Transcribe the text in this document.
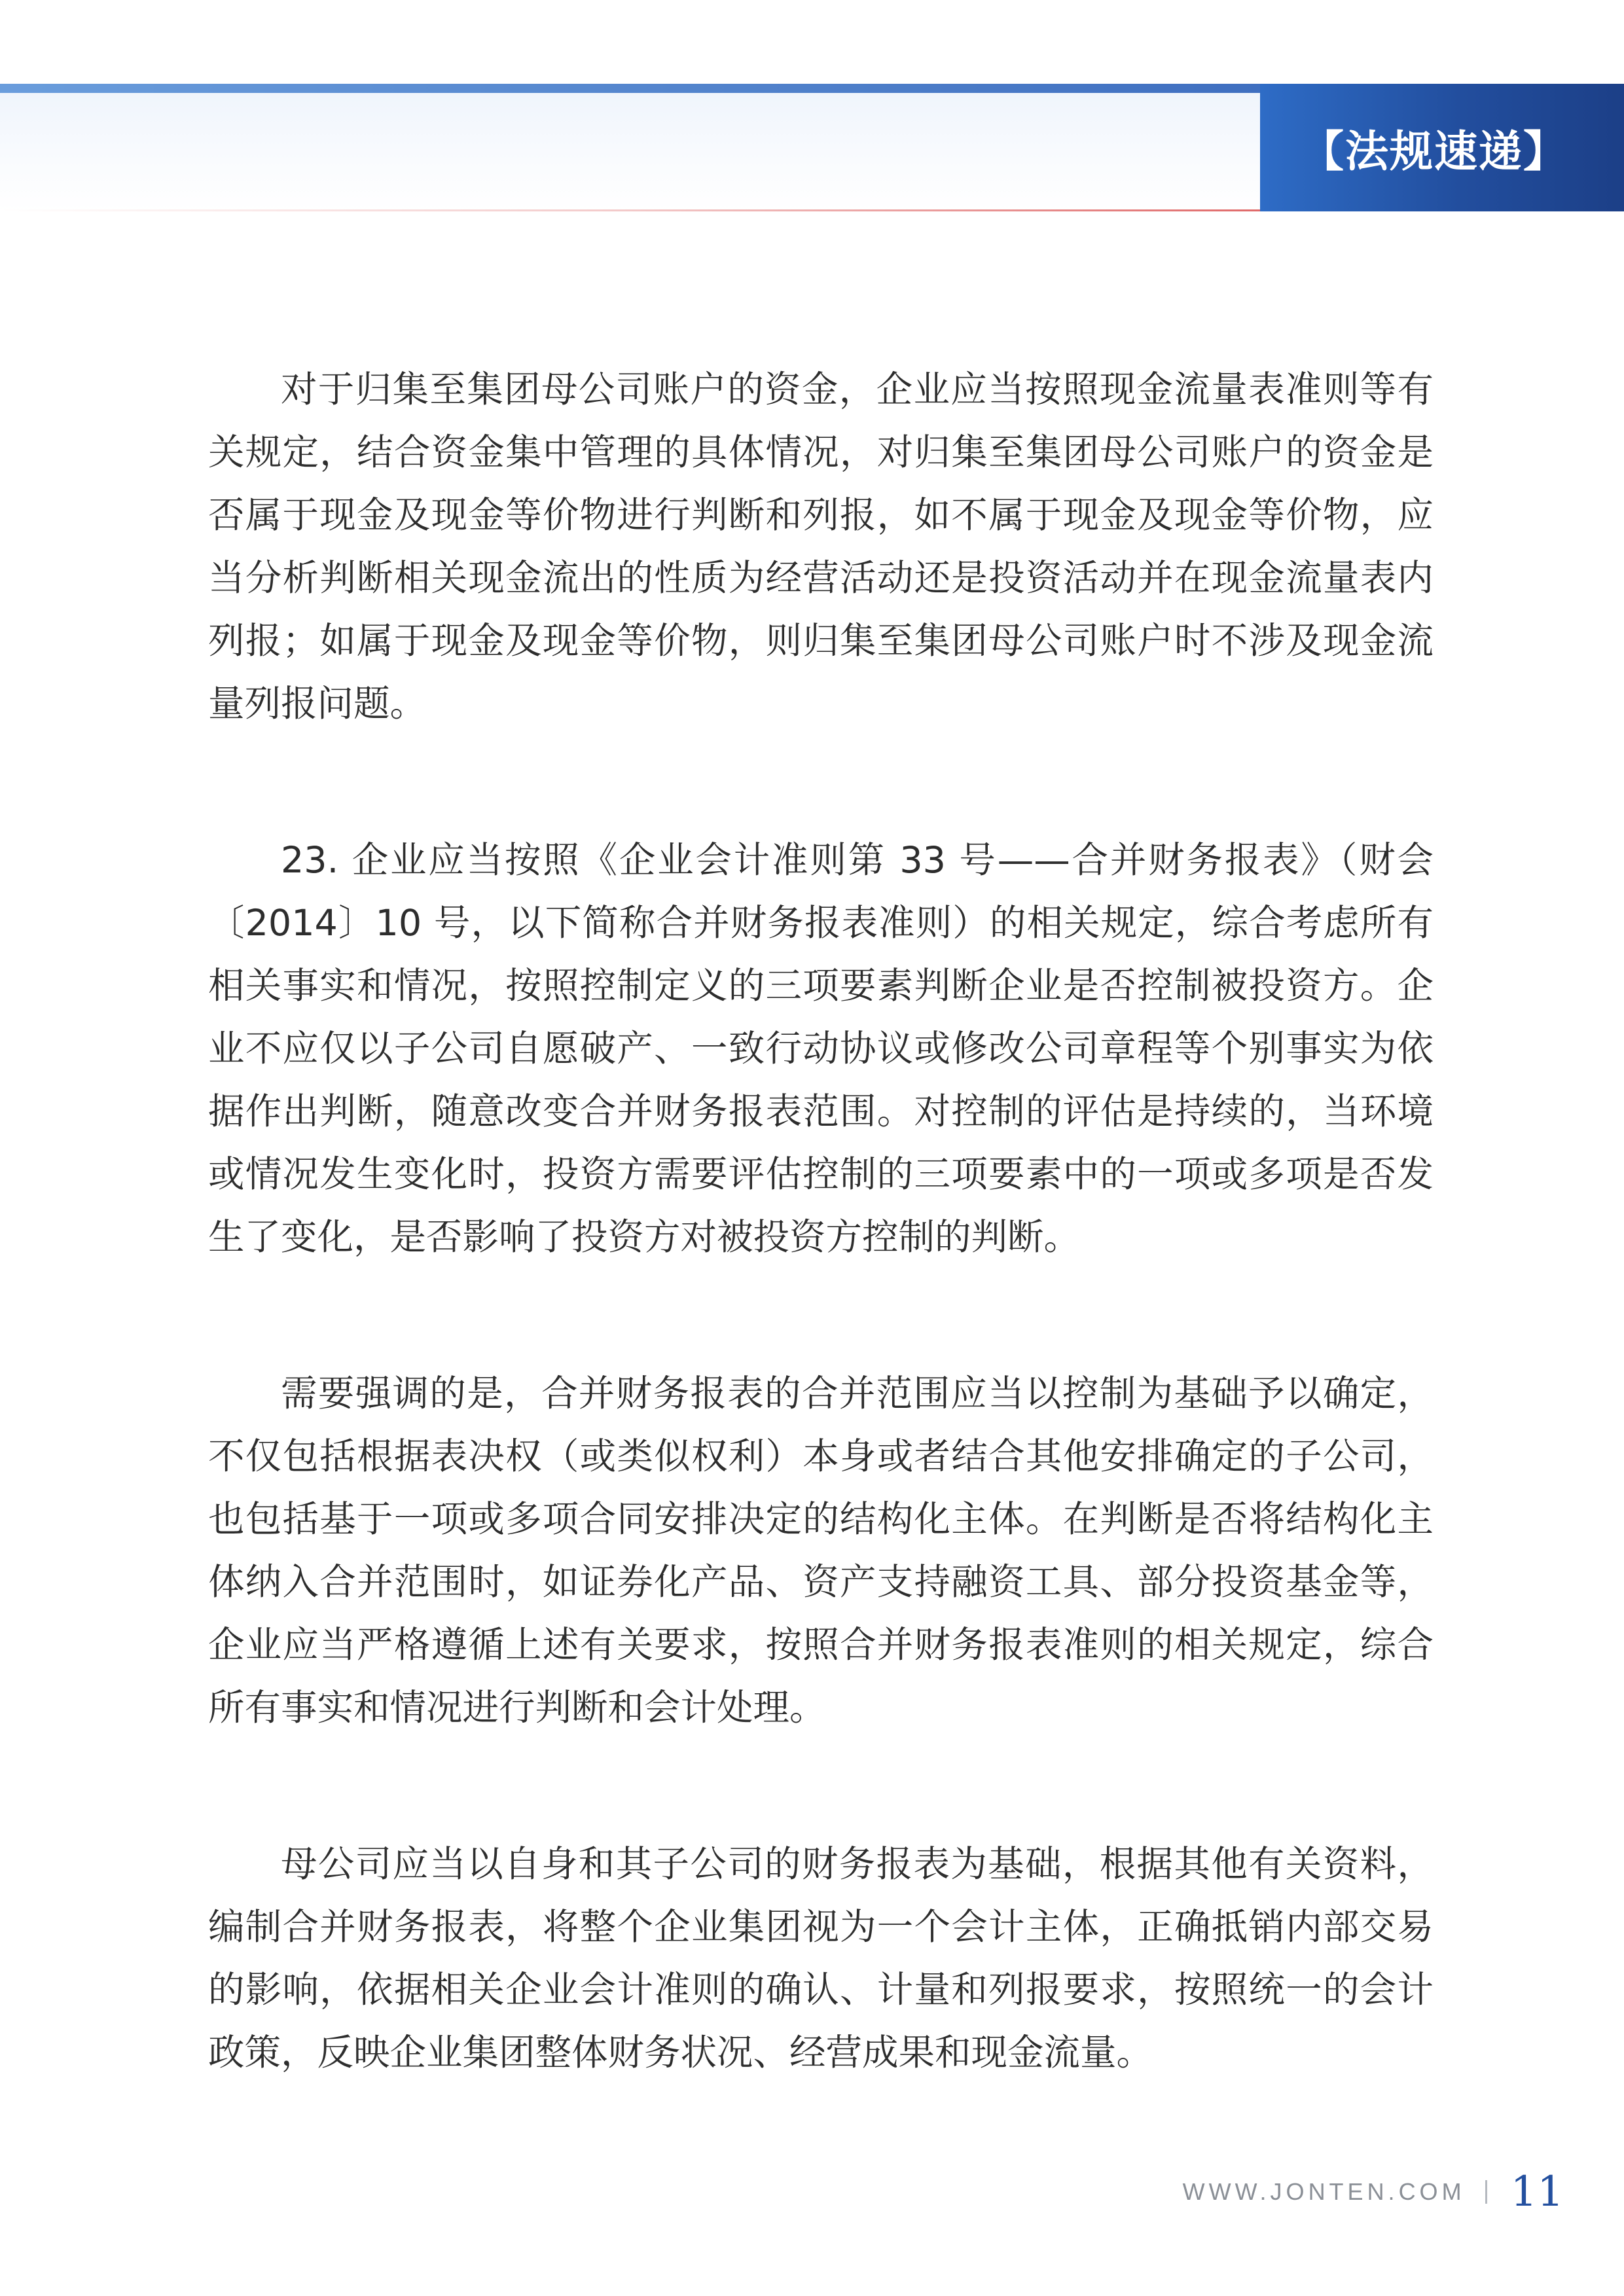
【法规速递】

对于归集至集团母公司账户的资金，企业应当按照现金流量表准则等有关规定，结合资金集中管理的具体情况，对归集至集团母公司账户的资金是否属于现金及现金等价物进行判断和列报，如不属于现金及现金等价物，应当分析判断相关现金流出的性质为经营活动还是投资活动并在现金流量表内列报；如属于现金及现金等价物，则归集至集团母公司账户时不涉及现金流量列报问题。

23. 企业应当按照《企业会计准则第 33 号——合并财务报表》（财会〔2014〕10 号，以下简称合并财务报表准则）的相关规定，综合考虑所有相关事实和情况，按照控制定义的三项要素判断企业是否控制被投资方。企业不应仅以子公司自愿破产、一致行动协议或修改公司章程等个别事实为依据作出判断，随意改变合并财务报表范围。对控制的评估是持续的，当环境或情况发生变化时，投资方需要评估控制的三项要素中的一项或多项是否发生了变化，是否影响了投资方对被投资方控制的判断。

需要强调的是，合并财务报表的合并范围应当以控制为基础予以确定，不仅包括根据表决权（或类似权利）本身或者结合其他安排确定的子公司，也包括基于一项或多项合同安排决定的结构化主体。在判断是否将结构化主体纳入合并范围时，如证券化产品、资产支持融资工具、部分投资基金等，企业应当严格遵循上述有关要求，按照合并财务报表准则的相关规定，综合所有事实和情况进行判断和会计处理。

母公司应当以自身和其子公司的财务报表为基础，根据其他有关资料，编制合并财务报表，将整个企业集团视为一个会计主体，正确抵销内部交易的影响，依据相关企业会计准则的确认、计量和列报要求，按照统一的会计政策，反映企业集团整体财务状况、经营成果和现金流量。

WWW.JONTEN.COM 11
